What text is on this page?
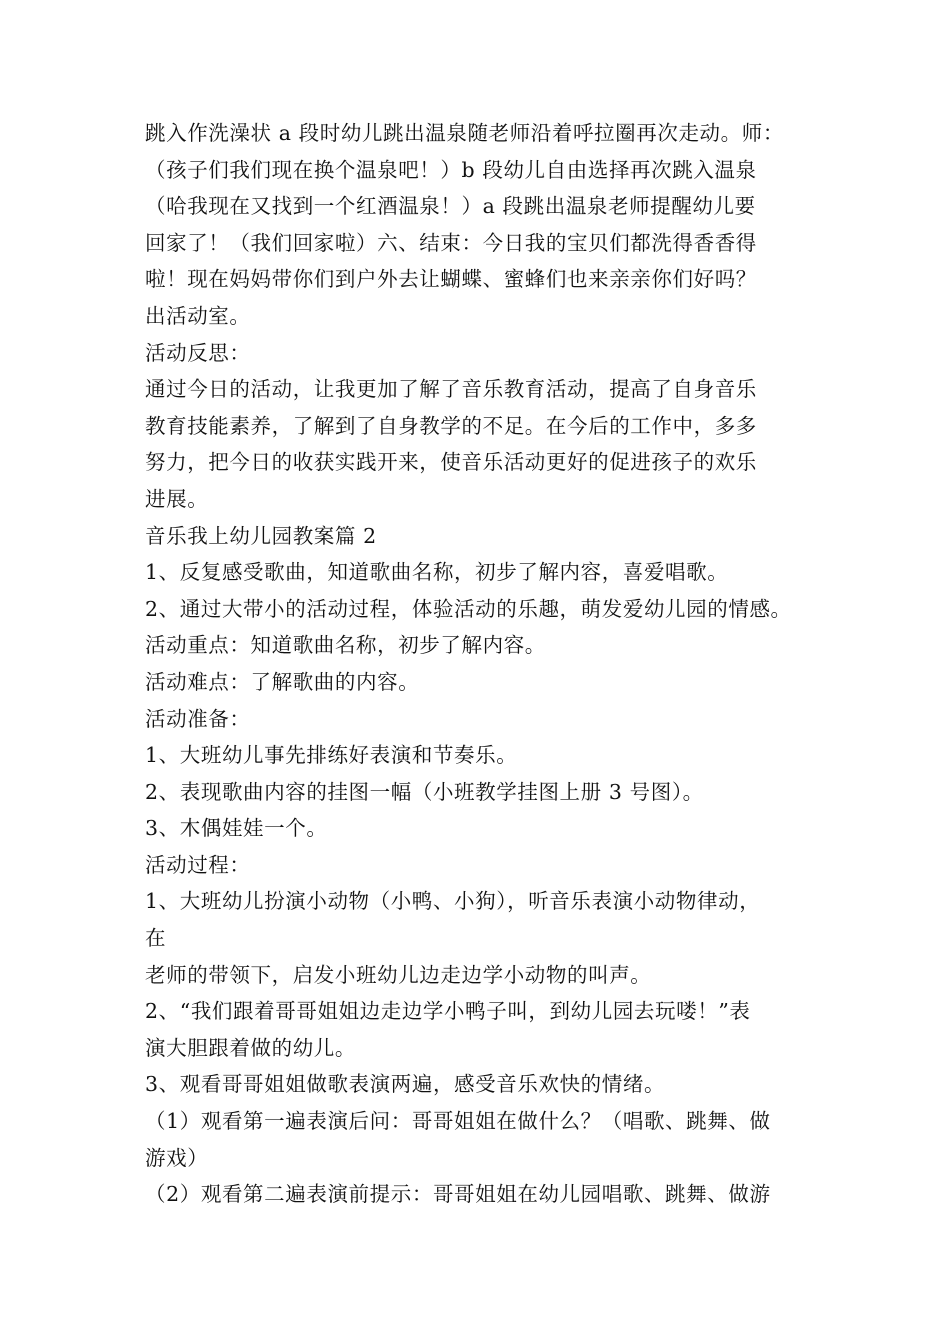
跳入作洗澡状 a 段时幼儿跳出温泉随老师沿着呼拉圈再次走动。师：
（孩子们我们现在换个温泉吧！）b 段幼儿自由选择再次跳入温泉
（哈我现在又找到一个红酒温泉！）a 段跳出温泉老师提醒幼儿要
回家了！（我们回家啦）六、结束：今日我的宝贝们都洗得香香得
啦！现在妈妈带你们到户外去让蝴蝶、蜜蜂们也来亲亲你们好吗？
出活动室。
活动反思：
通过今日的活动，让我更加了解了音乐教育活动，提高了自身音乐
教育技能素养，了解到了自身教学的不足。在今后的工作中，多多
努力，把今日的收获实践开来，使音乐活动更好的促进孩子的欢乐
进展。
音乐我上幼儿园教案篇 2
1、反复感受歌曲，知道歌曲名称，初步了解内容，喜爱唱歌。
2、通过大带小的活动过程，体验活动的乐趣，萌发爱幼儿园的情感。
活动重点：知道歌曲名称，初步了解内容。
活动难点：了解歌曲的内容。
活动准备：
1、大班幼儿事先排练好表演和节奏乐。
2、表现歌曲内容的挂图一幅（小班教学挂图上册 3 号图）。
3、木偶娃娃一个。
活动过程：
1、大班幼儿扮演小动物（小鸭、小狗），听音乐表演小动物律动，
在
老师的带领下，启发小班幼儿边走边学小动物的叫声。
2、“我们跟着哥哥姐姐边走边学小鸭子叫，到幼儿园去玩喽！”表
演大胆跟着做的幼儿。
3、观看哥哥姐姐做歌表演两遍，感受音乐欢快的情绪。
（1）观看第一遍表演后问：哥哥姐姐在做什么？（唱歌、跳舞、做
游戏）
（2）观看第二遍表演前提示：哥哥姐姐在幼儿园唱歌、跳舞、做游
